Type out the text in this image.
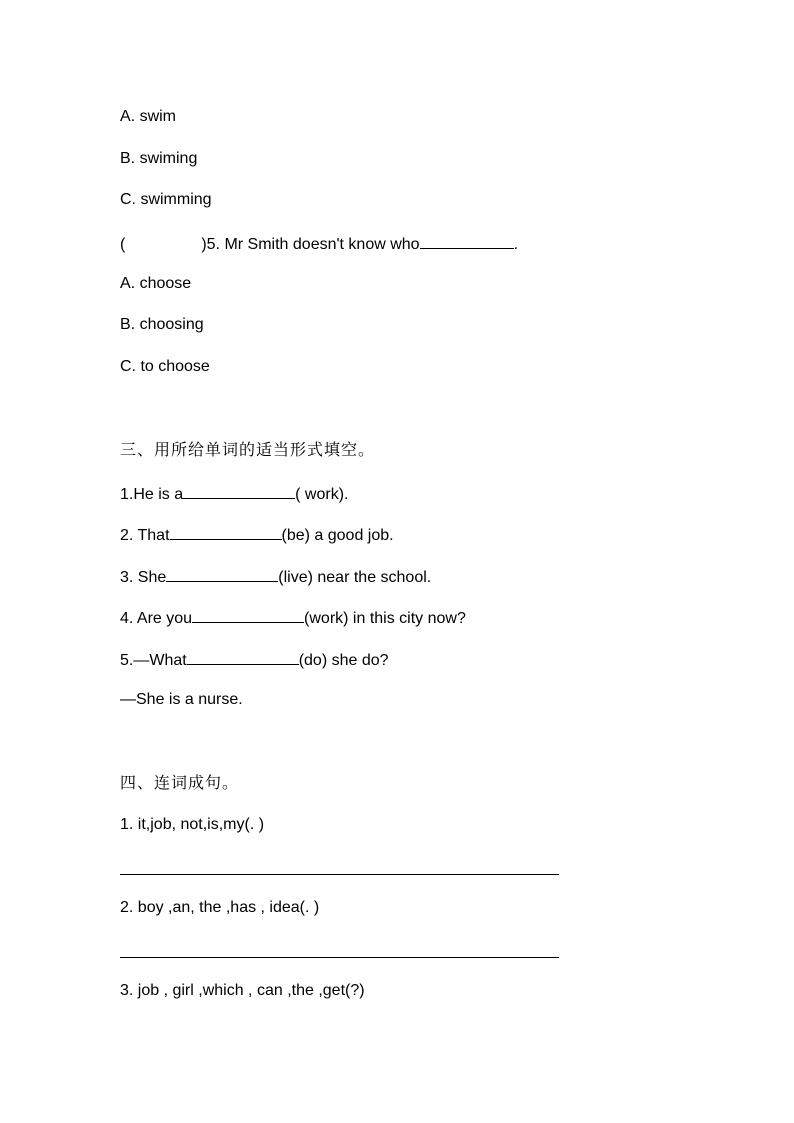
A. swim
B. swiming
C. swimming
(	)5. Mr Smith doesn't know who	.
A. choose
B. choosing
C. to choose
三、用所给单词的适当形式填空。
1.He is a	( work).
2. That	(be) a good job.
3. She	(live) near the school.
4. Are you	(work) in this city now?
5.—What	(do) she do?
—She is a nurse.
四、连词成句。
1. it,job, not,is,my(. )
2. boy ,an, the ,has , idea(. )
3. job , girl ,which , can ,the ,get(?)
